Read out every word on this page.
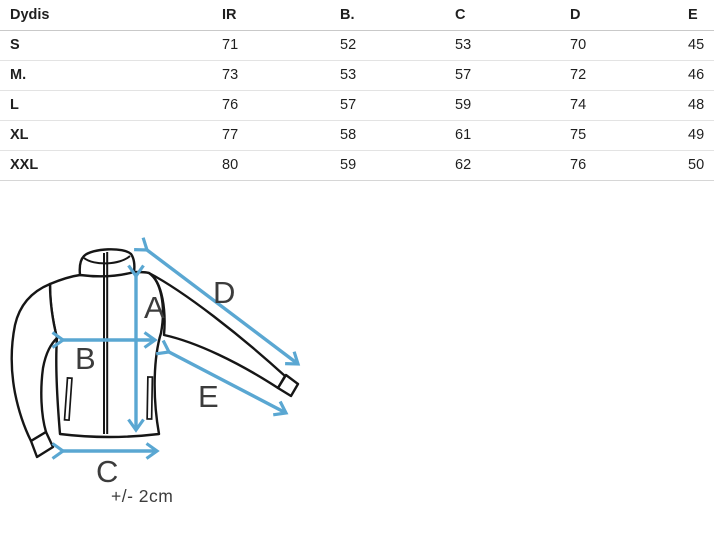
Dydis	IR	B.	C	D	E
S	71	52	53	70	45
M.	73	53	57	72	46
L	76	57	59	74	48
XL	77	58	61	75	49
XXL	80	59	62	76	50
A
B
C
D
E
+/- 2cm
